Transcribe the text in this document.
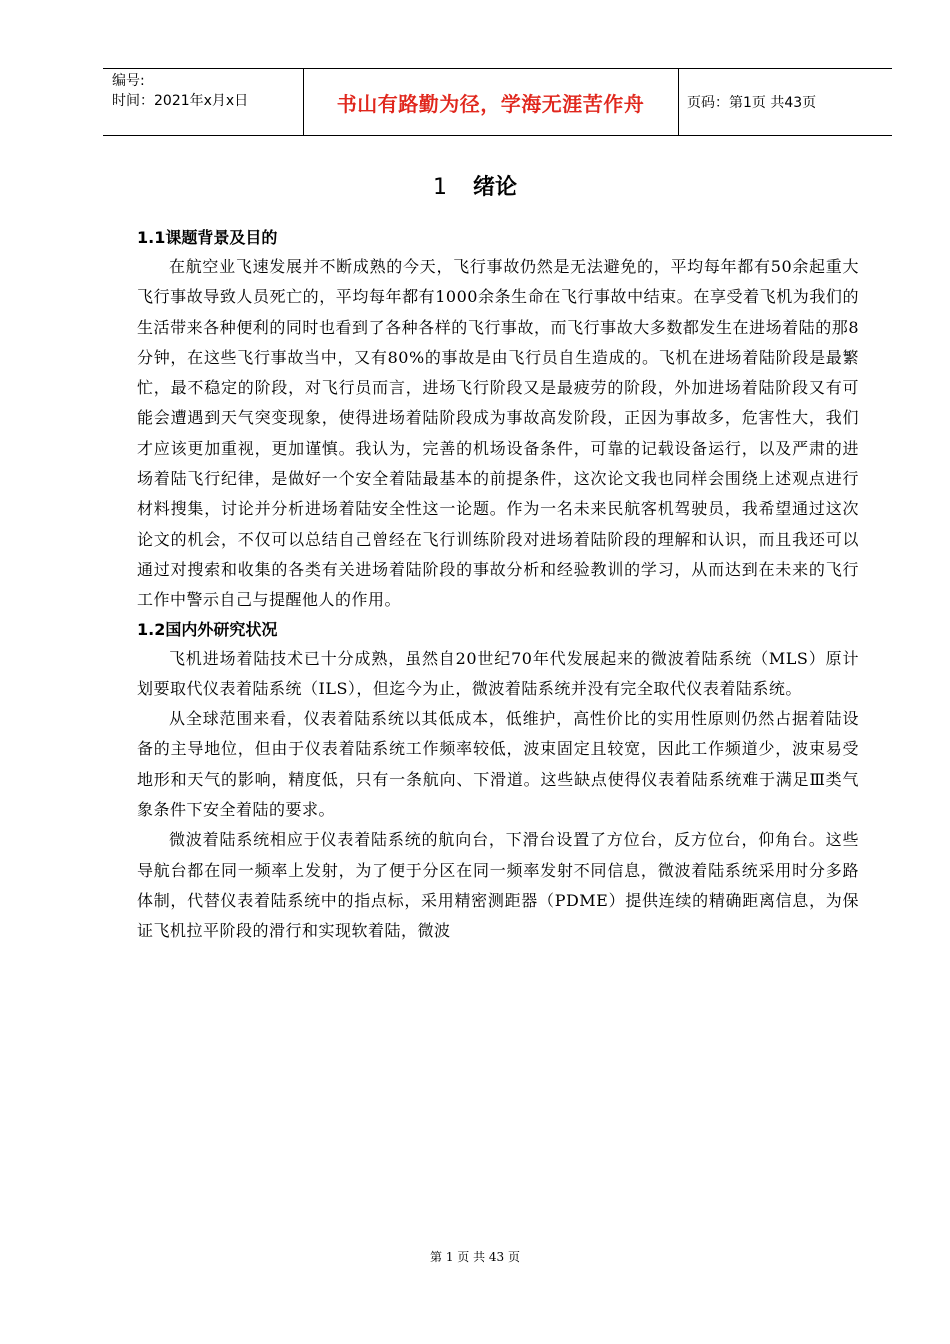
编号:
时间：2021年x月x日	书山有路勤为径，学海无涯苦作舟	页码：第1页 共43页
1 绪论
1.1课题背景及目的

在航空业飞速发展并不断成熟的今天，飞行事故仍然是无法避免的，平均每年都有50余起重大飞行事故导致人员死亡的，平均每年都有1000余条生命在飞行事故中结束。在享受着飞机为我们的生活带来各种便利的同时也看到了各种各样的飞行事故，而飞行事故大多数都发生在进场着陆的那8分钟，在这些飞行事故当中，又有80%的事故是由飞行员自生造成的。飞机在进场着陆阶段是最繁忙，最不稳定的阶段，对飞行员而言，进场飞行阶段又是最疲劳的阶段，外加进场着陆阶段又有可能会遭遇到天气突变现象，使得进场着陆阶段成为事故高发阶段，正因为事故多，危害性大，我们才应该更加重视，更加谨慎。我认为，完善的机场设备条件，可靠的记载设备运行，以及严肃的进场着陆飞行纪律，是做好一个安全着陆最基本的前提条件，这次论文我也同样会围绕上述观点进行材料搜集，讨论并分析进场着陆安全性这一论题。作为一名未来民航客机驾驶员，我希望通过这次论文的机会，不仅可以总结自己曾经在飞行训练阶段对进场着陆阶段的理解和认识，而且我还可以通过对搜索和收集的各类有关进场着陆阶段的事故分析和经验教训的学习，从而达到在未来的飞行工作中警示自己与提醒他人的作用。

1.2国内外研究状况

飞机进场着陆技术已十分成熟，虽然自20世纪70年代发展起来的微波着陆系统（MLS）原计划要取代仪表着陆系统（ILS），但迄今为止，微波着陆系统并没有完全取代仪表着陆系统。

从全球范围来看，仪表着陆系统以其低成本，低维护，高性价比的实用性原则仍然占据着陆设备的主导地位，但由于仪表着陆系统工作频率较低，波束固定且较宽，因此工作频道少，波束易受地形和天气的影响，精度低，只有一条航向、下滑道。这些缺点使得仪表着陆系统难于满足Ⅲ类气象条件下安全着陆的要求。

微波着陆系统相应于仪表着陆系统的航向台，下滑台设置了方位台，反方位台，仰角台。这些导航台都在同一频率上发射，为了便于分区在同一频率发射不同信息，微波着陆系统采用时分多路体制，代替仪表着陆系统中的指点标，采用精密测距器（PDME）提供连续的精确距离信息，为保证飞机拉平阶段的滑行和实现软着陆，微波

第 1 页 共 43 页
